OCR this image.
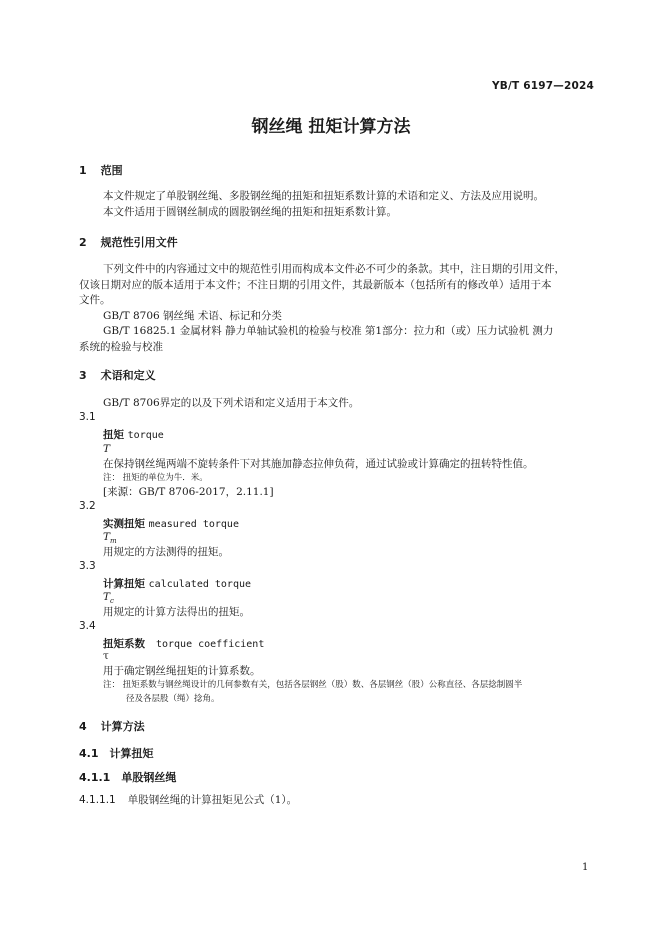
YB/T 6197—2024
钢丝绳 扭矩计算方法
1 范围
本文件规定了单股钢丝绳、多股钢丝绳的扭矩和扭矩系数计算的术语和定义、方法及应用说明。
本文件适用于圆钢丝制成的圆股钢丝绳的扭矩和扭矩系数计算。
2 规范性引用文件
下列文件中的内容通过文中的规范性引用而构成本文件必不可少的条款。其中，注日期的引用文件，
仅该日期对应的版本适用于本文件；不注日期的引用文件，其最新版本（包括所有的修改单）适用于本
文件。
GB/T 8706 钢丝绳 术语、标记和分类
GB/T 16825.1 金属材料 静力单轴试验机的检验与校准 第1部分：拉力和（或）压力试验机 测力
系统的检验与校准
3 术语和定义
GB/T 8706界定的以及下列术语和定义适用于本文件。
3.1
扭矩 torque
T
在保持钢丝绳两端不旋转条件下对其施加静态拉伸负荷，通过试验或计算确定的扭转特性值。
注： 扭矩的单位为牛．米。
[来源：GB/T 8706-2017，2.11.1]
3.2
实测扭矩 measured torque
$T_m$
用规定的方法测得的扭矩。
3.3
计算扭矩 calculated torque
$T_c$
用规定的计算方法得出的扭矩。
3.4
扭矩系数 torque coefficient
τ
用于确定钢丝绳扭矩的计算系数。
注： 扭矩系数与钢丝绳设计的几何参数有关，包括各层钢丝（股）数、各层钢丝（股）公称直径、各层捻制圆半
径及各层股（绳）捻角。
4 计算方法
4.1 计算扭矩
4.1.1 单股钢丝绳
4.1.1.1 单股钢丝绳的计算扭矩见公式（1）。
1
